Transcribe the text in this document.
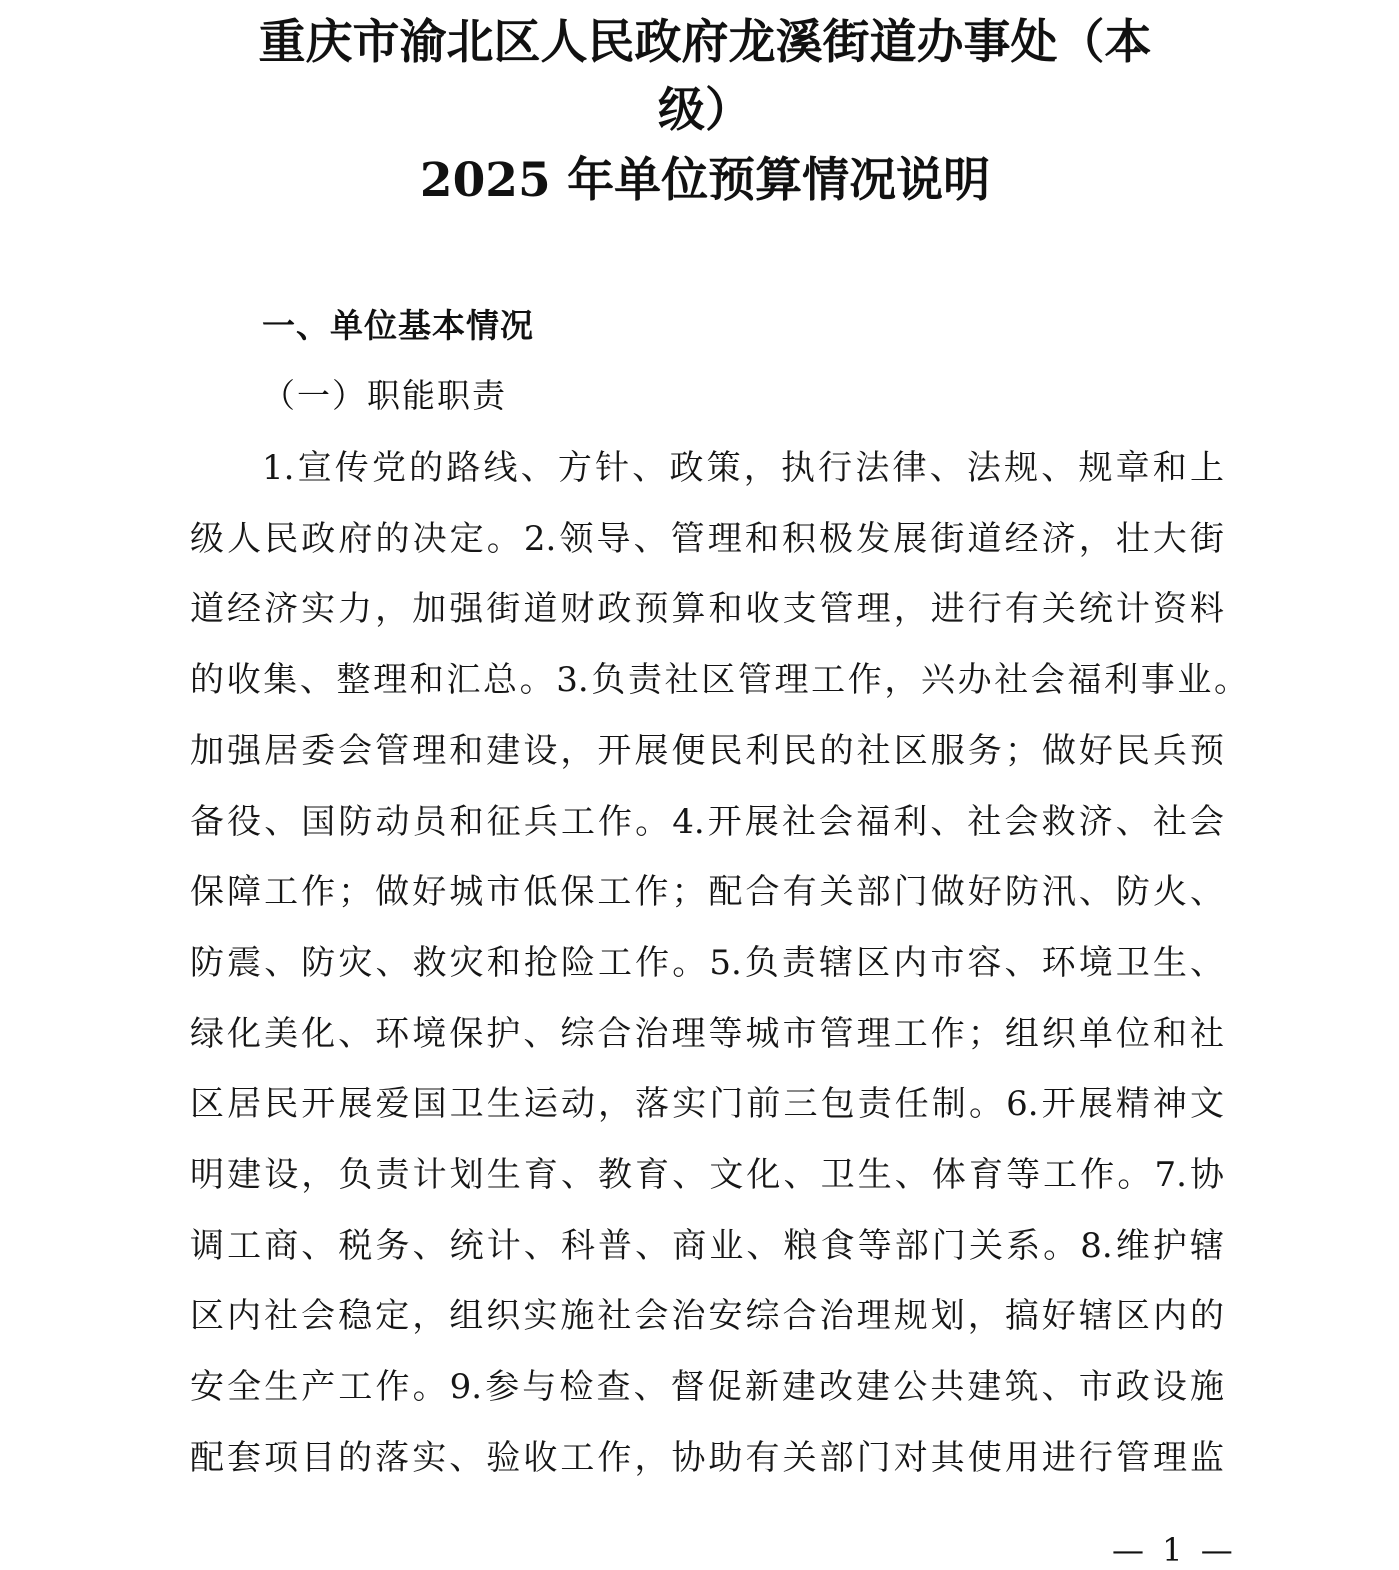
重庆市渝北区人民政府龙溪街道办事处（本
级）
2025 年单位预算情况说明
一、单位基本情况
（一）职能职责
1.宣传党的路线、方针、政策，执行法律、法规、规章和上
级人民政府的决定。2.领导、管理和积极发展街道经济，壮大街
道经济实力，加强街道财政预算和收支管理，进行有关统计资料
的收集、整理和汇总。3.负责社区管理工作，兴办社会福利事业。
加强居委会管理和建设，开展便民利民的社区服务；做好民兵预
备役、国防动员和征兵工作。4.开展社会福利、社会救济、社会
保障工作；做好城市低保工作；配合有关部门做好防汛、防火、
防震、防灾、救灾和抢险工作。5.负责辖区内市容、环境卫生、
绿化美化、环境保护、综合治理等城市管理工作；组织单位和社
区居民开展爱国卫生运动，落实门前三包责任制。6.开展精神文
明建设，负责计划生育、教育、文化、卫生、体育等工作。7.协
调工商、税务、统计、科普、商业、粮食等部门关系。8.维护辖
区内社会稳定，组织实施社会治安综合治理规划，搞好辖区内的
安全生产工作。9.参与检查、督促新建改建公共建筑、市政设施
配套项目的落实、验收工作，协助有关部门对其使用进行管理监
— 1 —
